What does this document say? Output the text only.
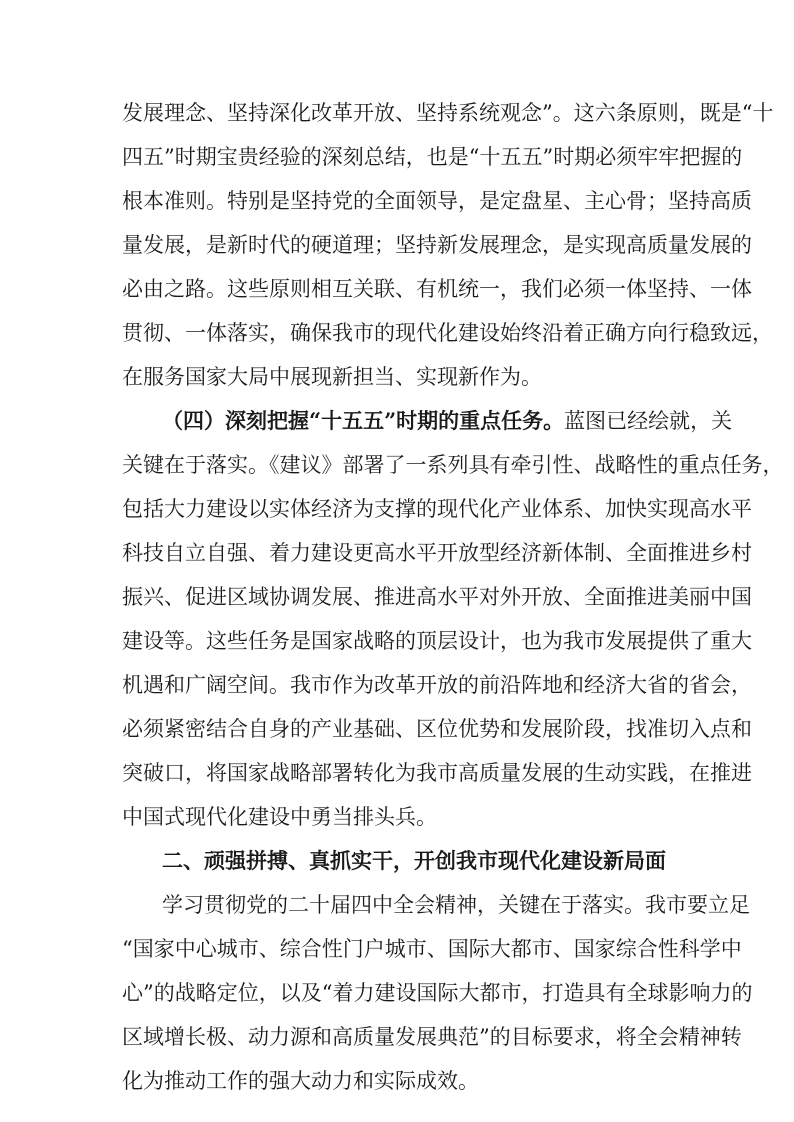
发展理念、坚持深化改革开放、坚持系统观念”。这六条原则，既是“十
四五”时期宝贵经验的深刻总结，也是“十五五”时期必须牢牢把握的
根本准则。特别是坚持党的全面领导，是定盘星、主心骨；坚持高质
量发展，是新时代的硬道理；坚持新发展理念，是实现高质量发展的
必由之路。这些原则相互关联、有机统一，我们必须一体坚持、一体
贯彻、一体落实，确保我市的现代化建设始终沿着正确方向行稳致远，
在服务国家大局中展现新担当、实现新作为。
（四）深刻把握“十五五”时期的重点任务。蓝图已经绘就，关
关键在于落实。《建议》部署了一系列具有牵引性、战略性的重点任务，
包括大力建设以实体经济为支撑的现代化产业体系、加快实现高水平
科技自立自强、着力建设更高水平开放型经济新体制、全面推进乡村
振兴、促进区域协调发展、推进高水平对外开放、全面推进美丽中国
建设等。这些任务是国家战略的顶层设计，也为我市发展提供了重大
机遇和广阔空间。我市作为改革开放的前沿阵地和经济大省的省会，
必须紧密结合自身的产业基础、区位优势和发展阶段，找准切入点和
突破口，将国家战略部署转化为我市高质量发展的生动实践，在推进
中国式现代化建设中勇当排头兵。
二、顽强拼搏、真抓实干，开创我市现代化建设新局面
学习贯彻党的二十届四中全会精神，关键在于落实。我市要立足
“国家中心城市、综合性门户城市、国际大都市、国家综合性科学中
心”的战略定位，以及“着力建设国际大都市，打造具有全球影响力的
区域增长极、动力源和高质量发展典范”的目标要求，将全会精神转
化为推动工作的强大动力和实际成效。
